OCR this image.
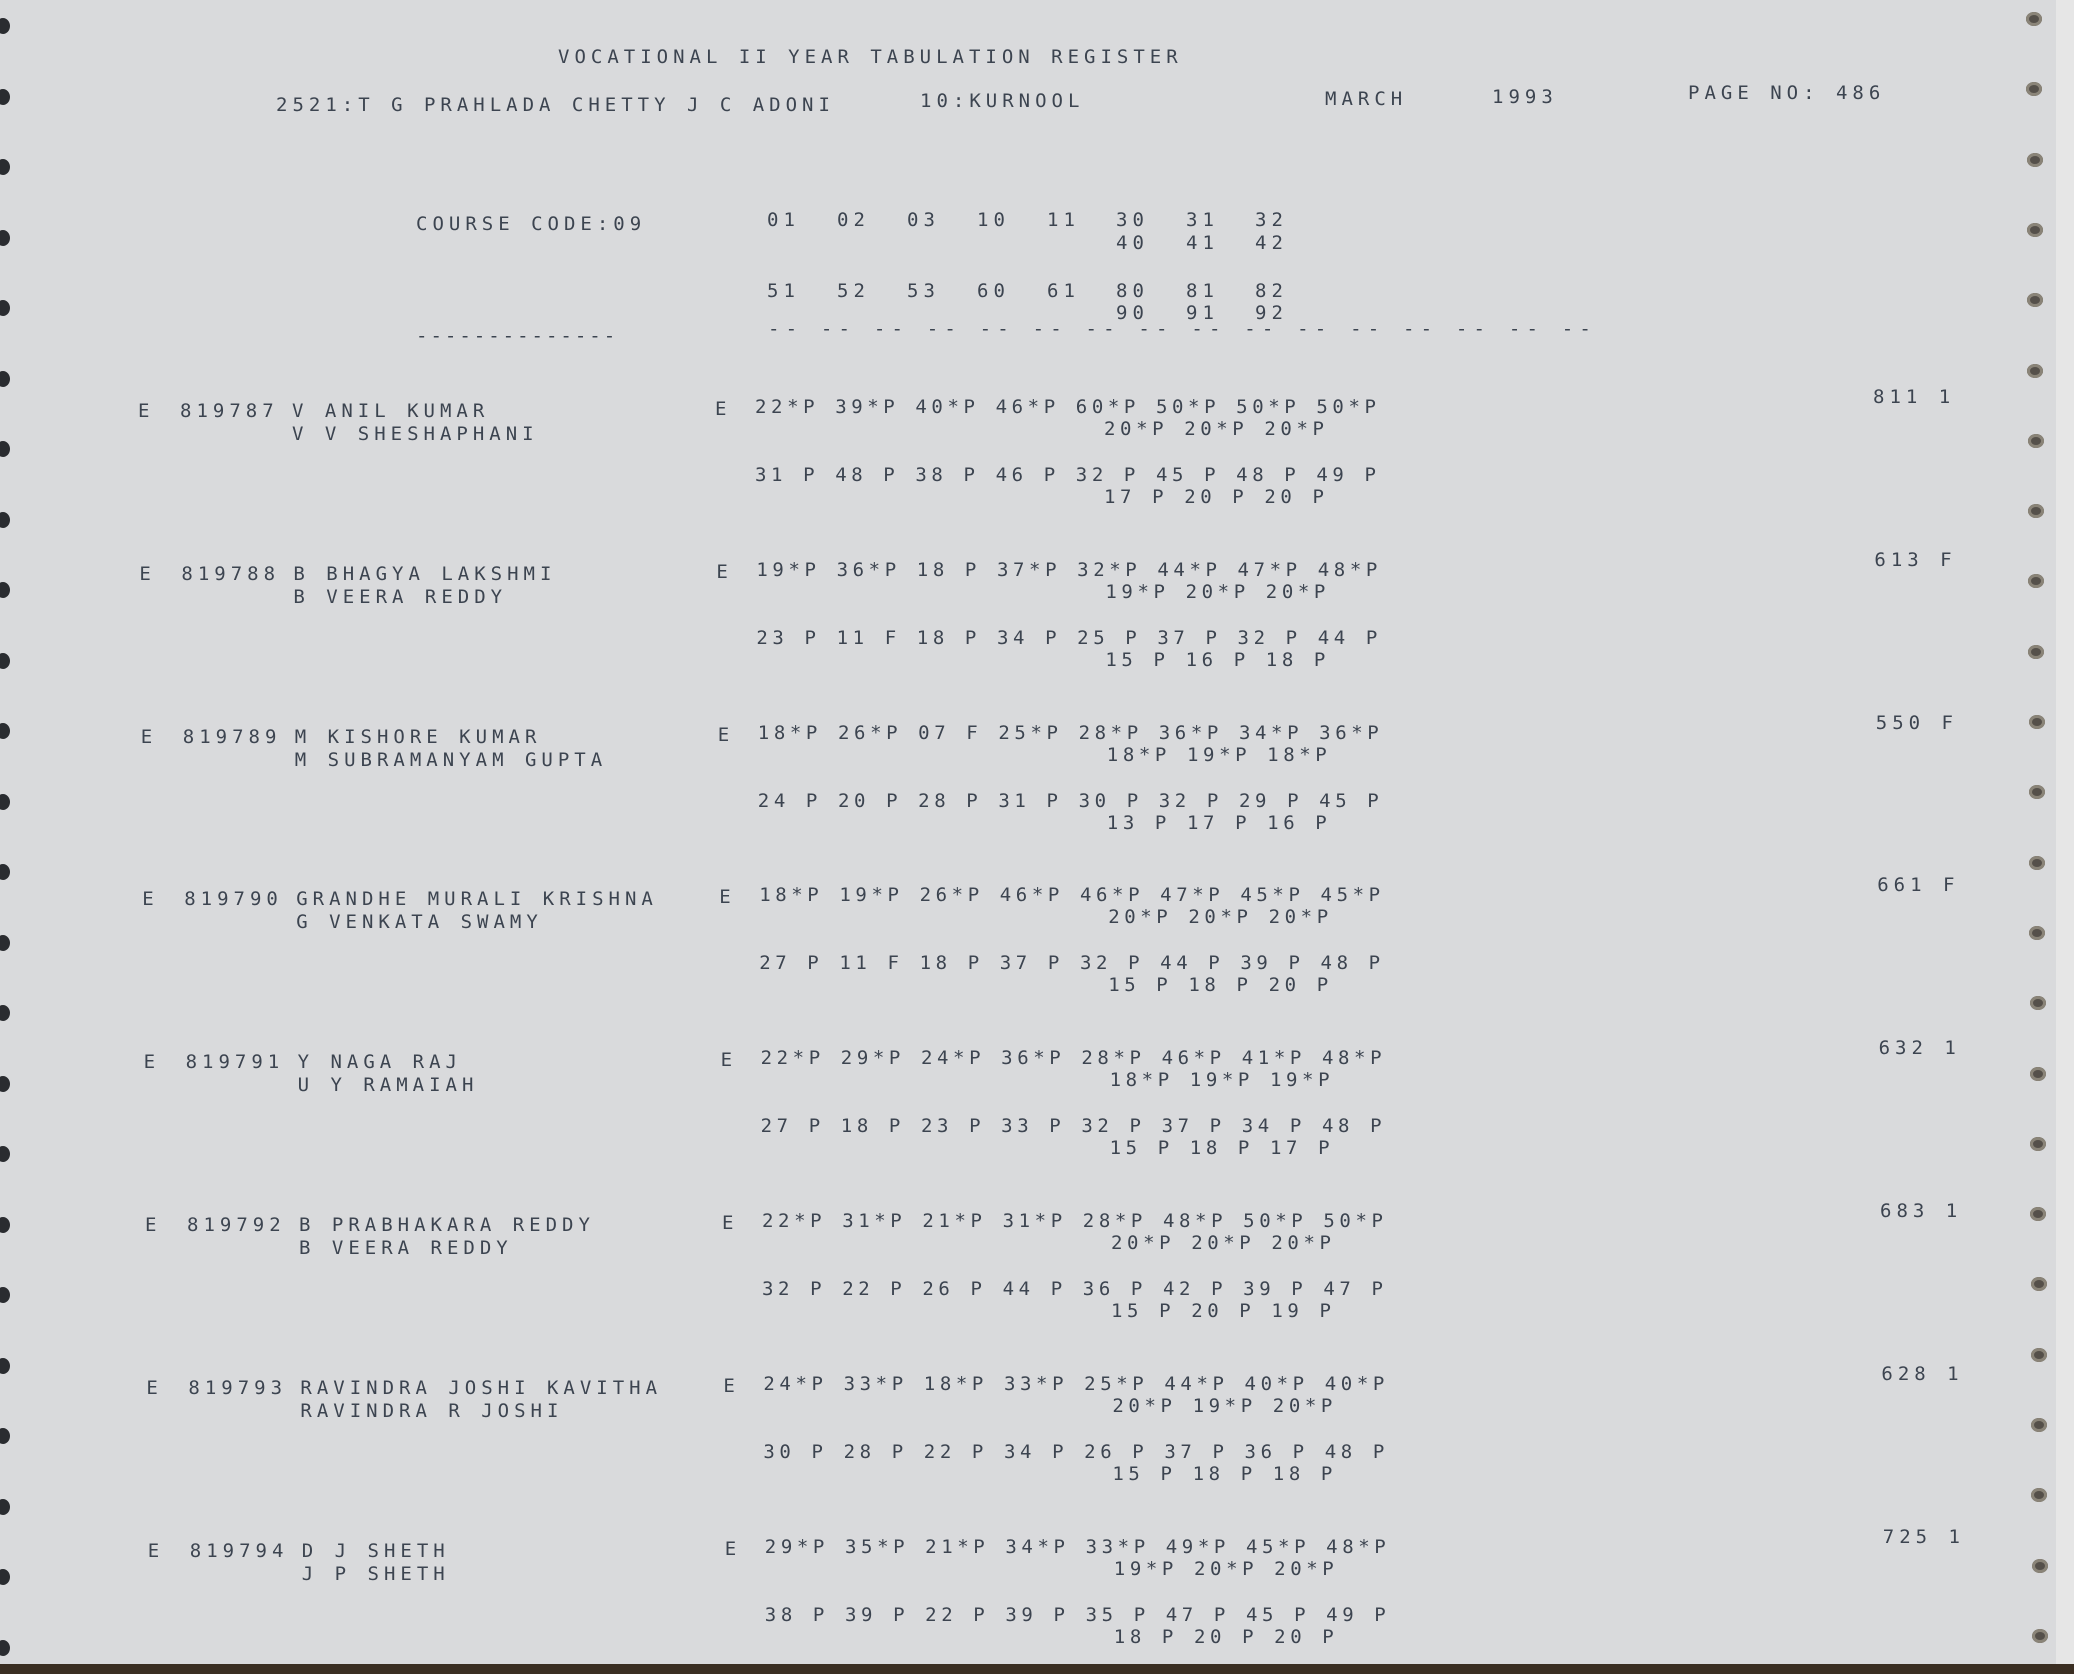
VOCATIONAL II YEAR TABULATION REGISTER
2521:T G PRAHLADA CHETTY J C ADONI	10:KURNOOL	MARCH	1993	PAGE NO: 486
COURSE CODE:09	01 02 03 10 11 30 31 32
40 41 42
51 52 53 60 61 80 81 82
90 91 92
--------------	-- -- -- -- -- -- -- -- -- -- -- -- -- -- -- --
E 819787 V ANIL KUMAR
V V SHESHAPHANI
E 22*P 39*P 40*P 46*P 60*P 50*P 50*P 50*P
20*P 20*P 20*P
31 P 48 P 38 P 46 P 32 P 45 P 48 P 49 P
17 P 20 P 20 P
811 1
E 819788 B BHAGYA LAKSHMI
B VEERA REDDY
E 19*P 36*P 18 P 37*P 32*P 44*P 47*P 48*P
19*P 20*P 20*P
23 P 11 F 18 P 34 P 25 P 37 P 32 P 44 P
15 P 16 P 18 P
613 F
E 819789 M KISHORE KUMAR
M SUBRAMANYAM GUPTA
E 18*P 26*P 07 F 25*P 28*P 36*P 34*P 36*P
18*P 19*P 18*P
24 P 20 P 28 P 31 P 30 P 32 P 29 P 45 P
13 P 17 P 16 P
550 F
E 819790 GRANDHE MURALI KRISHNA
G VENKATA SWAMY
E 18*P 19*P 26*P 46*P 46*P 47*P 45*P 45*P
20*P 20*P 20*P
27 P 11 F 18 P 37 P 32 P 44 P 39 P 48 P
15 P 18 P 20 P
661 F
E 819791 Y NAGA RAJ
U Y RAMAIAH
E 22*P 29*P 24*P 36*P 28*P 46*P 41*P 48*P
18*P 19*P 19*P
27 P 18 P 23 P 33 P 32 P 37 P 34 P 48 P
15 P 18 P 17 P
632 1
E 819792 B PRABHAKARA REDDY
B VEERA REDDY
E 22*P 31*P 21*P 31*P 28*P 48*P 50*P 50*P
20*P 20*P 20*P
32 P 22 P 26 P 44 P 36 P 42 P 39 P 47 P
15 P 20 P 19 P
683 1
E 819793 RAVINDRA JOSHI KAVITHA
RAVINDRA R JOSHI
E 24*P 33*P 18*P 33*P 25*P 44*P 40*P 40*P
20*P 19*P 20*P
30 P 28 P 22 P 34 P 26 P 37 P 36 P 48 P
15 P 18 P 18 P
628 1
E 819794 D J SHETH
J P SHETH
E 29*P 35*P 21*P 34*P 33*P 49*P 45*P 48*P
19*P 20*P 20*P
38 P 39 P 22 P 39 P 35 P 47 P 45 P 49 P
18 P 20 P 20 P
725 1
